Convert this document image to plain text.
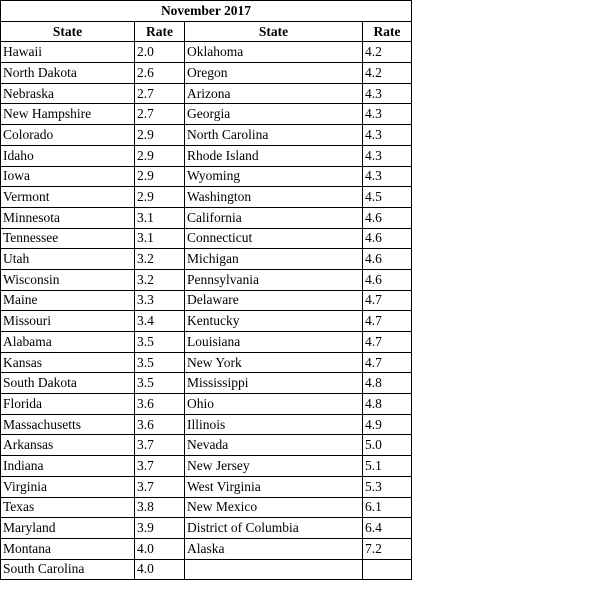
November 2017			
State	Rate	State	Rate
Hawaii	2.0	Oklahoma	4.2
North Dakota	2.6	Oregon	4.2
Nebraska	2.7	Arizona	4.3
New Hampshire	2.7	Georgia	4.3
Colorado	2.9	North Carolina	4.3
Idaho	2.9	Rhode Island	4.3
Iowa	2.9	Wyoming	4.3
Vermont	2.9	Washington	4.5
Minnesota	3.1	California	4.6
Tennessee	3.1	Connecticut	4.6
Utah	3.2	Michigan	4.6
Wisconsin	3.2	Pennsylvania	4.6
Maine	3.3	Delaware	4.7
Missouri	3.4	Kentucky	4.7
Alabama	3.5	Louisiana	4.7
Kansas	3.5	New York	4.7
South Dakota	3.5	Mississippi	4.8
Florida	3.6	Ohio	4.8
Massachusetts	3.6	Illinois	4.9
Arkansas	3.7	Nevada	5.0
Indiana	3.7	New Jersey	5.1
Virginia	3.7	West Virginia	5.3
Texas	3.8	New Mexico	6.1
Maryland	3.9	District of Columbia	6.4
Montana	4.0	Alaska	7.2
South Carolina	4.0		
